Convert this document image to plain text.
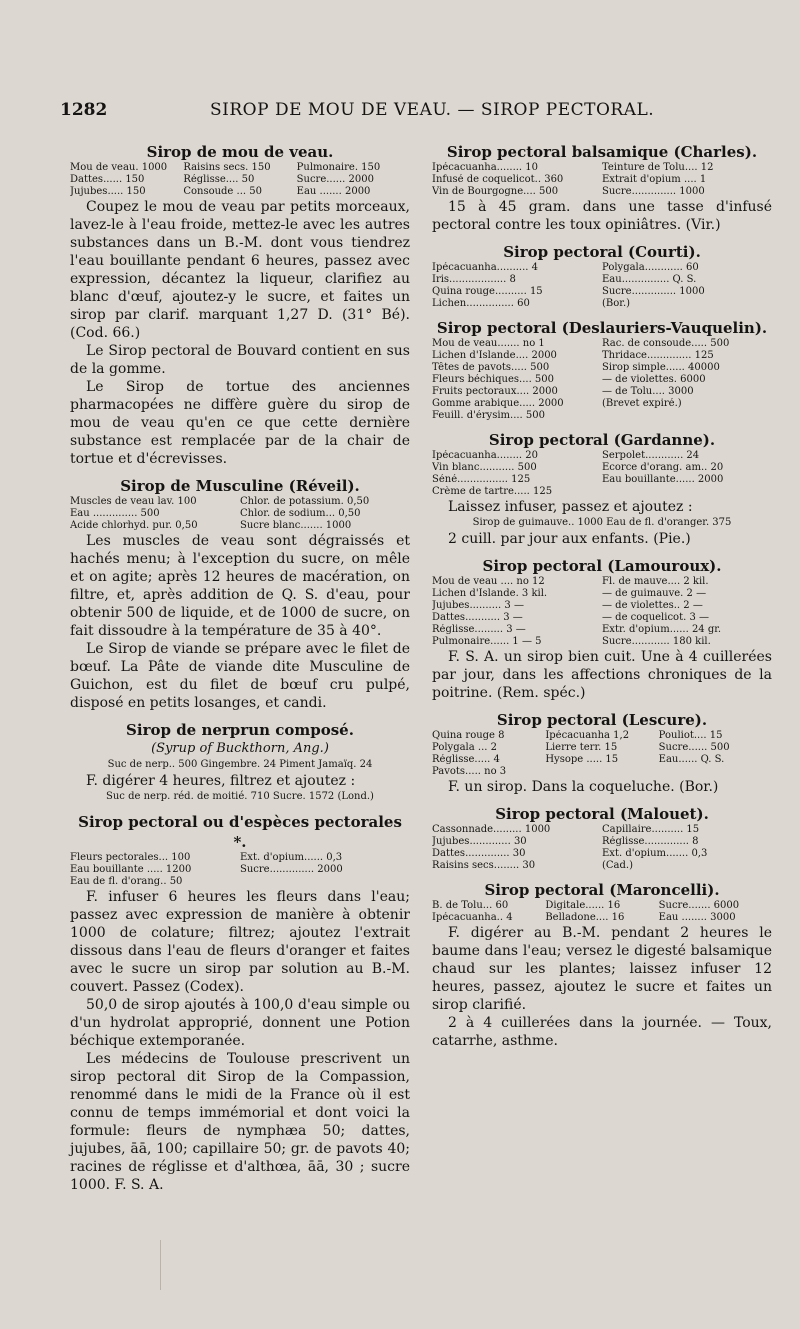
1282	SIROP DE MOU DE VEAU. — SIROP PECTORAL.
Sirop de mou de veau.
Mou de veau. 1000	Raisins secs. 150	Pulmonaire. 150
Dattes...... 150	Réglisse.... 50	Sucre...... 2000
Jujubes..... 150	Consoude ... 50	Eau ....... 2000

Coupez le mou de veau par petits morceaux, lavez-le à l'eau froide, mettez-le avec les autres substances dans un B.-M. dont vous tiendrez l'eau bouillante pendant 6 heures, passez avec expression, décantez la liqueur, clarifiez au blanc d'œuf, ajoutez-y le sucre, et faites un sirop par clarif. marquant 1,27 D. (31° Bé). (Cod. 66.)

Le Sirop pectoral de Bouvard contient en sus de la gomme.

Le Sirop de tortue des anciennes pharmacopées ne diffère guère du sirop de mou de veau qu'en ce que cette dernière substance est remplacée par de la chair de tortue et d'écrevisses.

Sirop de Musculine (Réveil).
Muscles de veau lav. 100	Chlor. de potassium. 0,50
Eau .............. 500	Chlor. de sodium... 0,50
Acide chlorhyd. pur. 0,50	Sucre blanc....... 1000

Les muscles de veau sont dégraissés et hachés menu; à l'exception du sucre, on mêle et on agite; après 12 heures de macération, on filtre, et, après addition de Q. S. d'eau, pour obtenir 500 de liquide, et de 1000 de sucre, on fait dissoudre à la température de 35 à 40°.

Le Sirop de viande se prépare avec le filet de bœuf. La Pâte de viande dite Musculine de Guichon, est du filet de bœuf cru pulpé, disposé en petits losanges, et candi.

Sirop de nerprun composé.
(Syrup of Buckthorn, Ang.)
Suc de nerp.. 500 Gingembre. 24 Piment Jamaïq. 24

F. digérer 4 heures, filtrez et ajoutez :

Suc de nerp. réd. de moitié. 710 Sucre. 1572 (Lond.)
Sirop pectoral ou d'espèces pectorales *.
Fleurs pectorales... 100	Ext. d'opium...... 0,3
Eau bouillante ..... 1200	Sucre.............. 2000
Eau de fl. d'orang.. 50

F. infuser 6 heures les fleurs dans l'eau; passez avec expression de manière à obtenir 1000 de colature; filtrez; ajoutez l'extrait dissous dans l'eau de fleurs d'oranger et faites avec le sucre un sirop par solution au B.-M. couvert. Passez (Codex).

50,0 de sirop ajoutés à 100,0 d'eau simple ou d'un hydrolat approprié, donnent une Potion béchique extemporanée.

Les médecins de Toulouse prescrivent un sirop pectoral dit Sirop de la Compassion, renommé dans le midi de la France où il est connu de temps immémorial et dont voici la formule: fleurs de nymphæa 50; dattes, jujubes, āā, 100; capillaire 50; gr. de pavots 40; racines de réglisse et d'althœa, āā, 30 ; sucre 1000. F. S. A.

Sirop pectoral balsamique (Charles).
Ipécacuanha........ 10	Teinture de Tolu.... 12
Infusé de coquelicot.. 360	Extrait d'opium .... 1
Vin de Bourgogne.... 500	Sucre.............. 1000

15 à 45 gram. dans une tasse d'infusé pectoral contre les toux opiniâtres. (Vir.)

Sirop pectoral (Courti).
Ipécacuanha.......... 4	Polygala............ 60
Iris.................. 8	Eau............... Q. S.
Quina rouge.......... 15	Sucre.............. 1000
Lichen............... 60	(Bor.)
Sirop pectoral (Deslauriers-Vauquelin).
Mou de veau....... no 1	Rac. de consoude..... 500
Lichen d'Islande.... 2000	Thridace.............. 125
Têtes de pavots..... 500	Sirop simple...... 40000
Fleurs béchiques.... 500	— de violettes. 6000
Fruits pectoraux.... 2000	— de Tolu.... 3000
Gomme arabique..... 2000	(Brevet expiré.)
Feuill. d'érysim.... 500
Sirop pectoral (Gardanne).
Ipécacuanha........ 20	Serpolet............ 24
Vin blanc........... 500	Ecorce d'orang. am.. 20
Séné................ 125	Eau bouillante...... 2000
Crème de tartre..... 125

Laissez infuser, passez et ajoutez :

Sirop de guimauve.. 1000 Eau de fl. d'oranger. 375

2 cuill. par jour aux enfants. (Pie.)

Sirop pectoral (Lamouroux).
Mou de veau .... no 12	Fl. de mauve.... 2 kil.
Lichen d'Islande. 3 kil.	— de guimauve. 2 —
Jujubes.......... 3 —	— de violettes.. 2 —
Dattes........... 3 —	— de coquelicot. 3 —
Réglisse......... 3 —	Extr. d'opium...... 24 gr.
Pulmonaire...... 1 — 5	Sucre............ 180 kil.

F. S. A. un sirop bien cuit. Une à 4 cuillerées par jour, dans les affections chroniques de la poitrine. (Rem. spéc.)

Sirop pectoral (Lescure).
Quina rouge 8	Ipécacuanha 1,2	Pouliot.... 15
Polygala ... 2	Lierre terr. 15	Sucre...... 500
Réglisse..... 4	Hysope ..... 15	Eau...... Q. S.
Pavots..... no 3

F. un sirop. Dans la coqueluche. (Bor.)

Sirop pectoral (Malouet).
Cassonnade......... 1000	Capillaire.......... 15
Jujubes............. 30	Réglisse.............. 8
Dattes.............. 30	Ext. d'opium....... 0,3
Raisins secs........ 30	(Cad.)
Sirop pectoral (Maroncelli).
B. de Tolu... 60	Digitale...... 16	Sucre....... 6000
Ipécacuanha.. 4	Belladone.... 16	Eau ........ 3000

F. digérer au B.-M. pendant 2 heures le baume dans l'eau; versez le digesté balsamique chaud sur les plantes; laissez infuser 12 heures, passez, ajoutez le sucre et faites un sirop clarifié.

2 à 4 cuillerées dans la journée. — Toux, catarrhe, asthme.
